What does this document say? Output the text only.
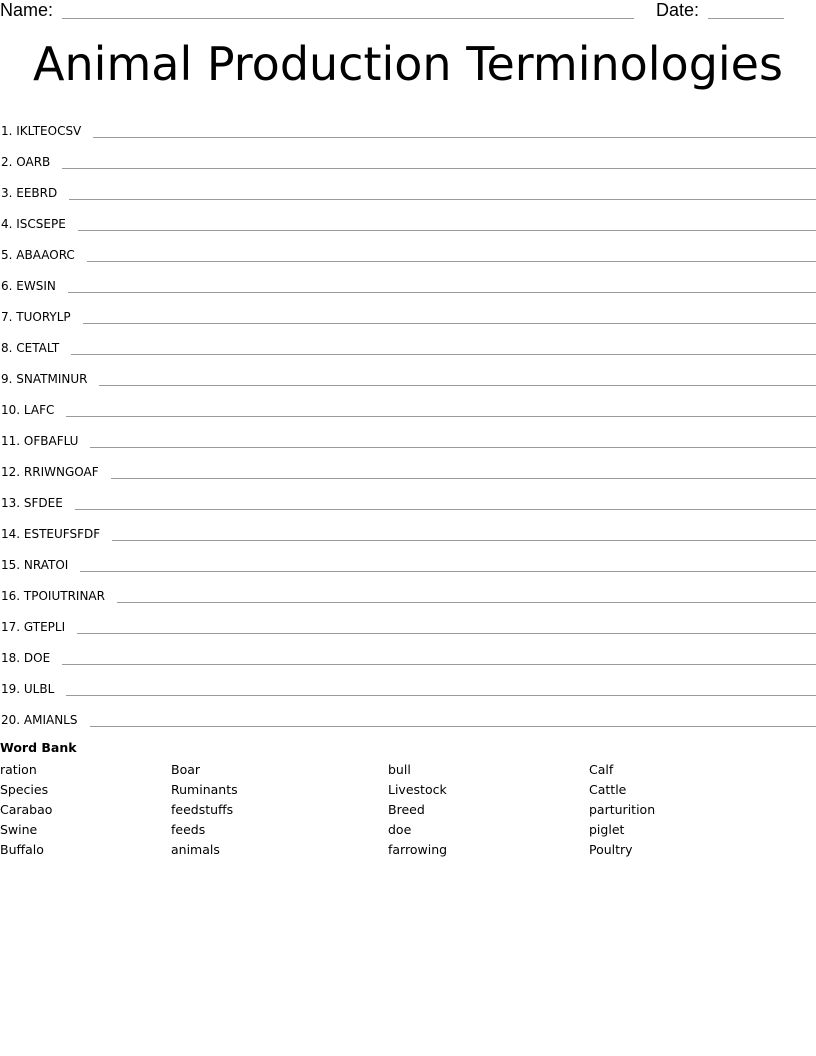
Name:	Date:
Animal Production Terminologies
1. IKLTEOCSV
2. OARB
3. EEBRD
4. ISCSEPE
5. ABAAORC
6. EWSIN
7. TUORYLP
8. CETALT
9. SNATMINUR
10. LAFC
11. OFBAFLU
12. RRIWNGOAF
13. SFDEE
14. ESTEUFSFDF
15. NRATOI
16. TPOIUTRINAR
17. GTEPLI
18. DOE
19. ULBL
20. AMIANLS
Word Bank
ration
Species
Carabao
Swine
Buffalo
Boar
Ruminants
feedstuffs
feeds
animals
bull
Livestock
Breed
doe
farrowing
Calf
Cattle
parturition
piglet
Poultry
